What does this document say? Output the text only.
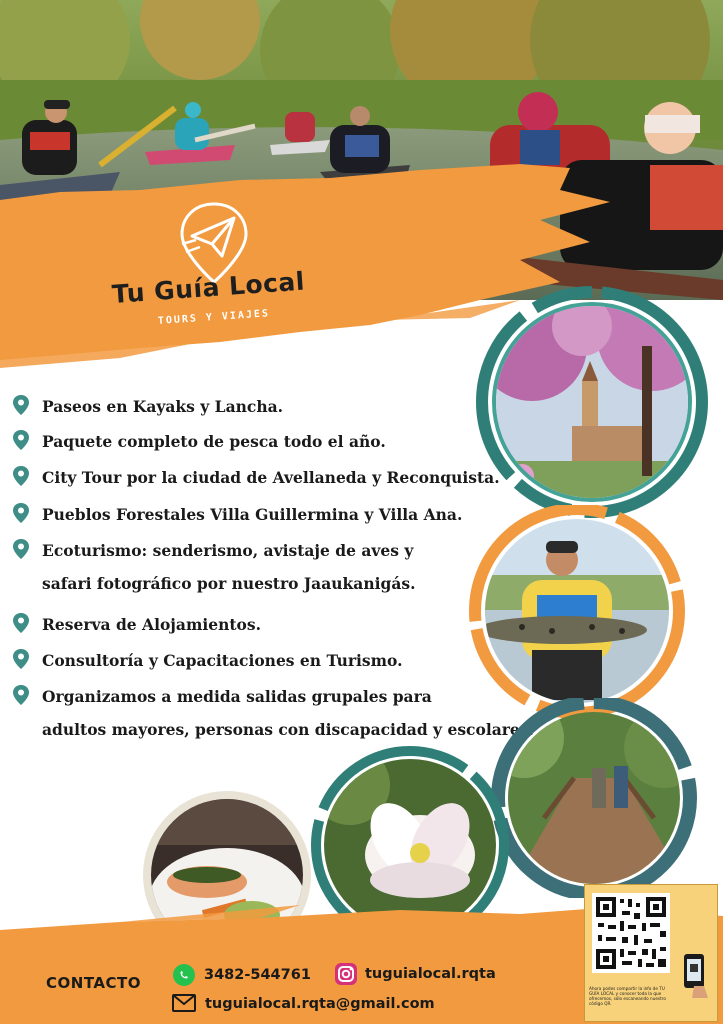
Tu Guía Local
TOURS Y VIAJES
Paseos en Kayaks y Lancha.
Paquete completo de pesca todo el año.
City Tour por la ciudad de Avellaneda y Reconquista.
Pueblos Forestales Villa Guillermina y Villa Ana.
Ecoturismo: senderismo, avistaje de aves y
safari fotográfico por nuestro Jaaukanigás.
Reserva de Alojamientos.
Consultoría y Capacitaciones en Turismo.
Organizamos a medida salidas grupales para
adultos mayores, personas con discapacidad y escolares.
CONTACTO	3482-544761	tuguialocal.rqta
tuguialocal.rqta@gmail.com
Ahora podes compartir la info de TU GUÍA LOCAL y conocer toda la que ofrecemos, sólo escaneando nuestro código QR.
